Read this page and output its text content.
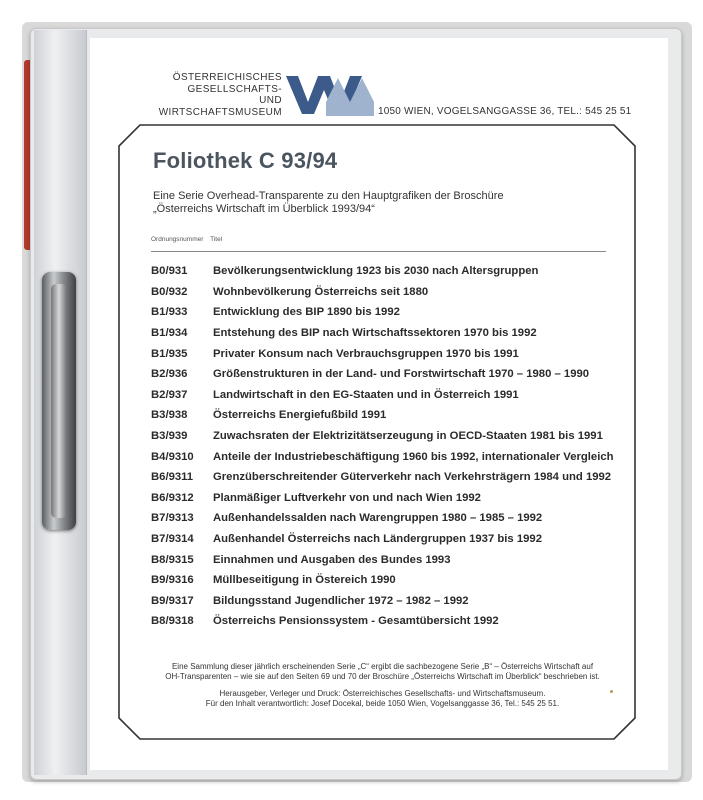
ÖSTERREICHISCHES
GESELLSCHAFTS-
UND
WIRTSCHAFTSMUSEUM	1050 WIEN, VOGELSANGGASSE 36, TEL.: 545 25 51
Foliothek C 93/94
Eine Serie Overhead-Transparente zu den Hauptgrafiken der Broschüre
„Österreichs Wirtschaft im Überblick 1993/94“
Ordnungsnummer Titel
B0/931	Bevölkerungsentwicklung 1923 bis 2030 nach Altersgruppen
B0/932	Wohnbevölkerung Österreichs seit 1880
B1/933	Entwicklung des BIP 1890 bis 1992
B1/934	Entstehung des BIP nach Wirtschaftssektoren 1970 bis 1992
B1/935	Privater Konsum nach Verbrauchsgruppen 1970 bis 1991
B2/936	Größenstrukturen in der Land- und Forstwirtschaft 1970 – 1980 – 1990
B2/937	Landwirtschaft in den EG-Staaten und in Österreich 1991
B3/938	Österreichs Energiefußbild 1991
B3/939	Zuwachsraten der Elektrizitätserzeugung in OECD-Staaten 1981 bis 1991
B4/9310	Anteile der Industriebeschäftigung 1960 bis 1992, internationaler Vergleich
B6/9311	Grenzüberschreitender Güterverkehr nach Verkehrsträgern 1984 und 1992
B6/9312	Planmäßiger Luftverkehr von und nach Wien 1992
B7/9313	Außenhandelssalden nach Warengruppen 1980 – 1985 – 1992
B7/9314	Außenhandel Österreichs nach Ländergruppen 1937 bis 1992
B8/9315	Einnahmen und Ausgaben des Bundes 1993
B9/9316	Müllbeseitigung in Östereich 1990
B9/9317	Bildungsstand Jugendlicher 1972 – 1982 – 1992
B8/9318	Österreichs Pensionssystem - Gesamtübersicht 1992

Eine Sammlung dieser jährlich erscheinenden Serie „C“ ergibt die sachbezogene Serie „B“ – Österreichs Wirtschaft auf
OH-Transparenten – wie sie auf den Seiten 69 und 70 der Broschüre „Österreichs Wirtschaft im Überblick“ beschrieben ist.

Herausgeber, Verleger und Druck: Österreichisches Gesellschafts- und Wirtschaftsmuseum.
Für den Inhalt verantwortlich: Josef Docekal, beide 1050 Wien, Vogelsanggasse 36, Tel.: 545 25 51.
